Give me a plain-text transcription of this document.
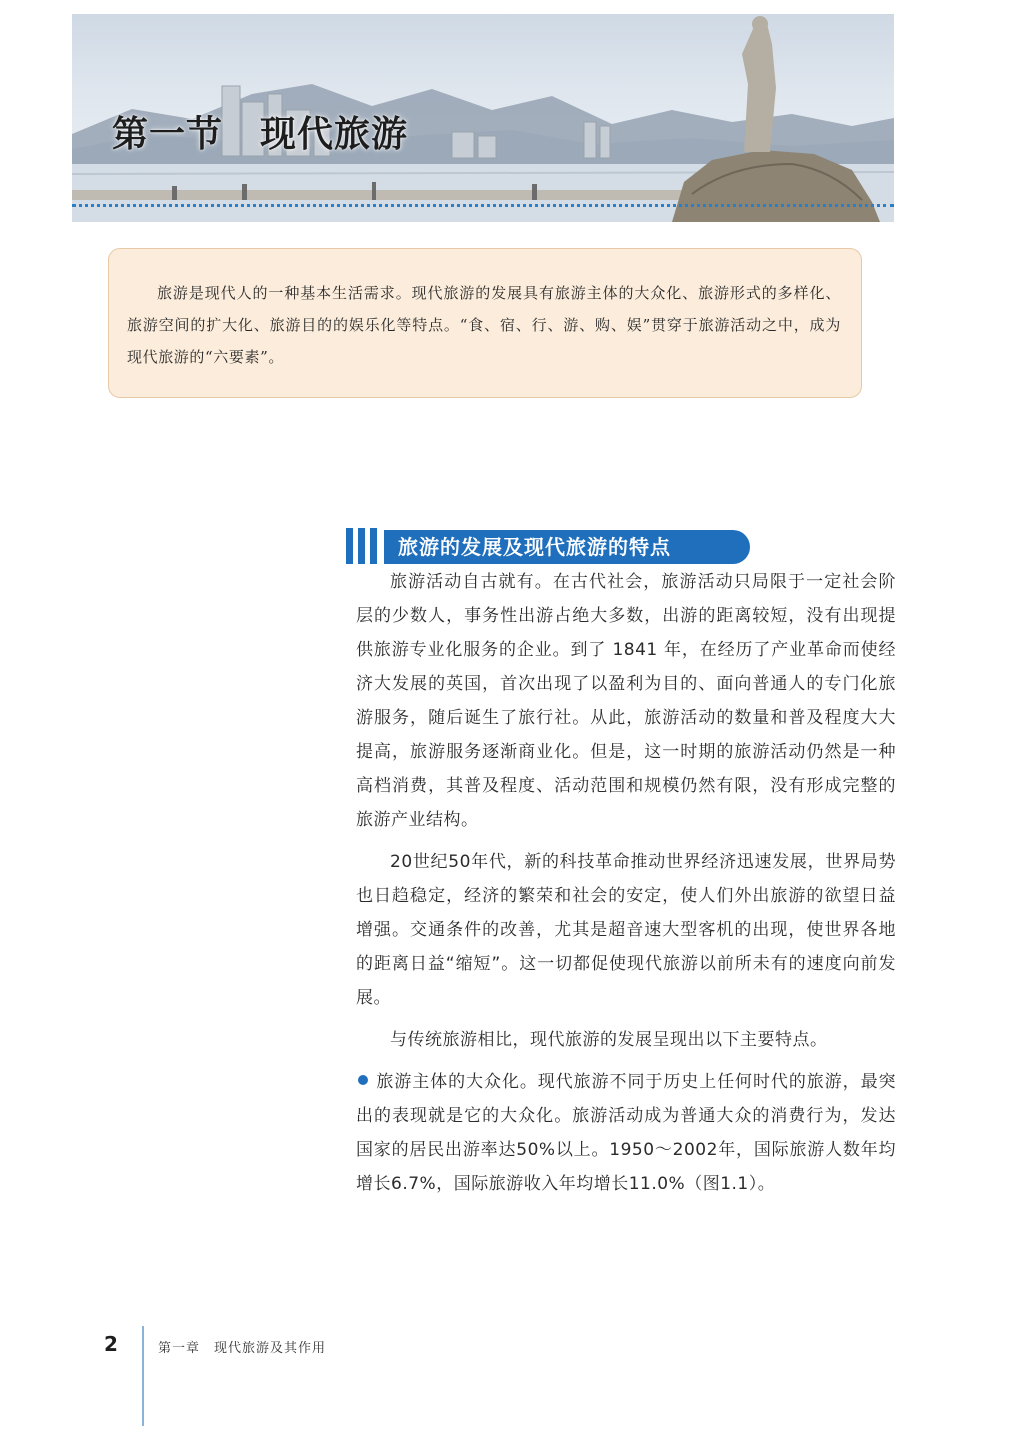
第一节　现代旅游
旅游是现代人的一种基本生活需求。现代旅游的发展具有旅游主体的大众化、旅游形式的多样化、旅游空间的扩大化、旅游目的的娱乐化等特点。“食、宿、行、游、购、娱”贯穿于旅游活动之中，成为现代旅游的“六要素”。
旅游的发展及现代旅游的特点

旅游活动自古就有。在古代社会，旅游活动只局限于一定社会阶层的少数人，事务性出游占绝大多数，出游的距离较短，没有出现提供旅游专业化服务的企业。到了 1841 年，在经历了产业革命而使经济大发展的英国，首次出现了以盈利为目的、面向普通人的专门化旅游服务，随后诞生了旅行社。从此，旅游活动的数量和普及程度大大提高，旅游服务逐渐商业化。但是，这一时期的旅游活动仍然是一种高档消费，其普及程度、活动范围和规模仍然有限，没有形成完整的旅游产业结构。

20世纪50年代，新的科技革命推动世界经济迅速发展，世界局势也日趋稳定，经济的繁荣和社会的安定，使人们外出旅游的欲望日益增强。交通条件的改善，尤其是超音速大型客机的出现，使世界各地的距离日益“缩短”。这一切都促使现代旅游以前所未有的速度向前发展。

与传统旅游相比，现代旅游的发展呈现出以下主要特点。

旅游主体的大众化。现代旅游不同于历史上任何时代的旅游，最突出的表现就是它的大众化。旅游活动成为普通大众的消费行为，发达国家的居民出游率达50%以上。1950～2002年，国际旅游人数年均增长6.7%，国际旅游收入年均增长11.0%（图1.1）。

2	第一章　现代旅游及其作用
